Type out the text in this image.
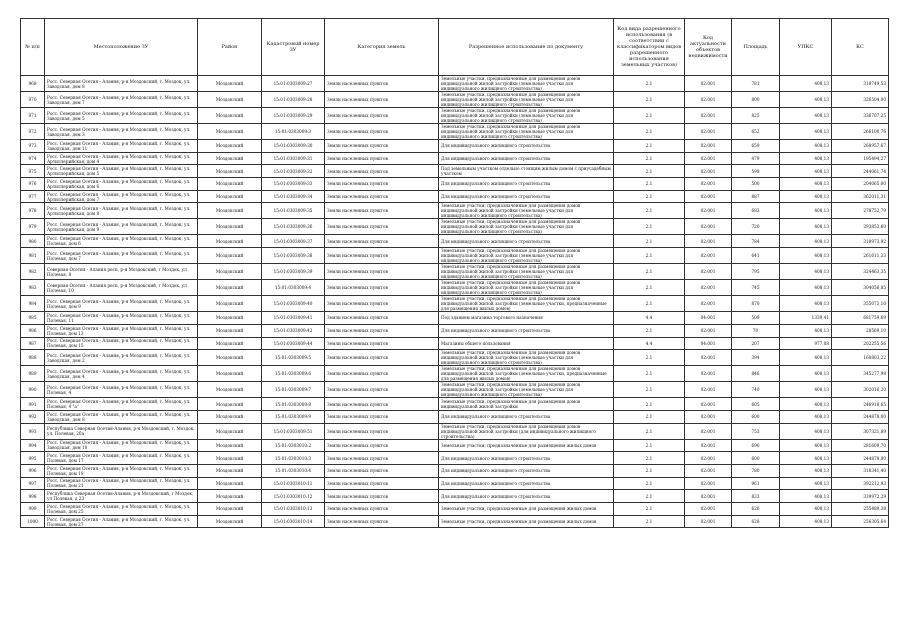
№ п/п	Местоположение ЗУ	Район	Кадастровый номер ЗУ	Категория земель	Разрешенное использование по документу	Код вида разрешенного использования (в соответствии с классификатором видов разрешенного использования земельных участков)	Код актуальности объектов недвижимости	Площадь	УПКС	КС
968	Росс. Северная Осетия - Алания, р-н Моздокский, г. Моздок, ул. Заводская, дом 8	Моздокский	15:01:0303009:27	Земли населенных пунктов	Земельные участки, предназначенные для размещения домов индивидуальной жилой застройки (земельные участки для индивидуального жилищного строительства)	2.1	02:001	781	408,13	318749,53
970	Росс. Северная Осетия - Алания, р-н Моздокский, г. Моздок, ул. Заводская, дом 7	Моздокский	15:01:0303009:28	Земли населенных пунктов	Земельные участки, предназначенные для размещения домов индивидуальной жилой застройки (земельные участки для индивидуального жилищного строительства)	2.1	02:001	800	408,13	326504,00
971	Росс. Северная Осетия - Алания, р-н Моздокский, г. Моздок, ул. Заводская, дом 5	Моздокский	15:01:0303009:29	Земли населенных пунктов	Земельные участки, предназначенные для размещения домов индивидуальной жилой застройки (земельные участки для индивидуального жилищного строительства)	2.1	02:001	825	408,13	336707,25
972	Росс. Северная Осетия - Алания, р-н Моздокский, г. Моздок, ул. Заводская, дом 3	Моздокский	15:01:0303009:3	Земли населенных пунктов	Земельные участки, предназначенные для размещения домов индивидуальной жилой застройки (земельные участки для индивидуального жилищного строительства)	2.1	02:001	652	408,13	266100,76
973	Росс. Северная Осетия - Алания, р-н Моздокский, г. Моздок, ул. Заводская, дом 11	Моздокский	15:01:0303009:30	Земли населенных пунктов	Для индивидуального жилищного строительства	2.1	02:001	659	408,13	268957,67
974	Росс. Северная Осетия - Алания, р-н Моздокский, г. Моздок, ул. Артиллерийская, дом 4	Моздокский	15:01:0303009:31	Земли населенных пунктов	Для индивидуального жилищного строительства	2.1	02:001	479	408,13	195494,27
975	Росс. Северная Осетия - Алания, р-н Моздокский, г. Моздок, ул. Артиллерийская, дом 5	Моздокский	15:01:0303009:32	Земли населенных пунктов	Под земельным участком отдельно стоящим жилым домом с приусадебным участком	2.1	02:001	598	408,13	244061,74
976	Росс. Северная Осетия - Алания, р-н Моздокский, г. Моздок, ул. Артиллерийская, дом 6	Моздокский	15:01:0303009:33	Земли населенных пунктов	Для индивидуального жилищного строительства	2.1	02:001	500	408,13	204065,00
977	Росс. Северная Осетия - Алания, р-н Моздокский, г. Моздок, ул. Артиллерийская, дом 7	Моздокский	15:01:0303009:34	Земли населенных пунктов	Для индивидуального жилищного строительства	2.1	02:001	887	408,13	362011,31
978	Росс. Северная Осетия - Алания, р-н Моздокский, г. Моздок, ул. Артиллерийская, дом 8	Моздокский	15:01:0303009:35	Земли населенных пунктов	Земельные участки, предназначенные для размещения домов индивидуальной жилой застройки (земельные участки для индивидуального жилищного строительства)	2.1	02:001	683	408,13	278752,79
979	Росс. Северная Осетия - Алания, р-н Моздокский, г. Моздок, ул. Артиллерийская, дом 9	Моздокский	15:01:0303009:36	Земли населенных пунктов	Земельные участки, предназначенные для размещения домов индивидуальной жилой застройки (земельные участки для индивидуального жилищного строительства)	2.1	02:001	720	408,13	293853,60
980	Росс. Северная Осетия - Алания, р-н Моздокский, г. Моздок, ул. Полевая, дом 6	Моздокский	15:01:0303009:37	Земли населенных пунктов	Для индивидуального жилищного строительства	2.1	02:001	784	408,13	319973,92
981	Росс. Северная Осетия - Алания, р-н Моздокский, г. Моздок, ул. Полевая, дом 7	Моздокский	15:01:0303009:38	Земли населенных пунктов	Земельные участки, предназначенные для размещения домов индивидуальной жилой застройки (земельные участки для индивидуального жилищного строительства)	2.1	02:001	641	408,13	261611,33
982	Северная Осетия - Алания респ, р-н Моздокский, г Моздок, ул Полевая, 8	Моздокский	15:01:0303009:39	Земли населенных пунктов	Земельные участки, предназначенные для размещения домов индивидуальной жилой застройки (земельные участки для индивидуального жилищного строительства)	2.1	02:001	795	408,13	324463,35
983	Северная Осетия - Алания респ, р-н Моздокский, г Моздок, ул Полевая, 10	Моздокский	15:01:0303009:4	Земли населенных пунктов	Земельные участки, предназначенные для размещения домов индивидуальной жилой застройки (земельные участки для индивидуального жилищного строительства)	2.1	02:001	745	408,13	304056,85
984	Росс. Северная Осетия - Алания, р-н Моздокский, г. Моздок, ул. Полевая, дом 9	Моздокский	15:01:0303009:40	Земли населенных пунктов	Земельные участки, предназначенные для размещения домов индивидуальной жилой застройки (земельные участки, предназначенные для размещения жилых домов)	2.1	02:001	870	408,13	355073,10
985	Росс. Северная Осетия - Алания, р-н Моздокский, г. Моздок, ул. Полевая, 11	Моздокский	15:01:0303009:41	Земли населенных пунктов	Под зданием магазина торгового назначения	4.4	04:001	509	1339,41	681759,69
986	Росс. Северная Осетия - Алания, р-н Моздокский, г. Моздок, ул. Полевая, дом 13	Моздокский	15:01:0303009:42	Земли населенных пунктов	Для индивидуального жилищного строительства	2.1	02:001	70	408,13	28569,10
987	Росс. Северная Осетия - Алания, р-н Моздокский, г. Моздок, ул. Полевая, дом 15	Моздокский	15:01:0303009:44	Земли населенных пунктов	Магазины общего пользования	4.4	04:001	207	977,08	202255,56
988	Росс. Северная Осетия - Алания, р-н Моздокский, г. Моздок, ул. Заводская, дом 2	Моздокский	15:01:0303009:5	Земли населенных пунктов	Земельные участки, предназначенные для размещения домов индивидуальной жилой застройки (земельные участки для индивидуального жилищного строительства)	2.1	02:001	394	408,13	160803,22
989	Росс. Северная Осетия - Алания, р-н Моздокский, г. Моздок, ул. Заводская, дом 4	Моздокский	15:01:0303009:6	Земли населенных пунктов	Земельные участки, предназначенные для размещения домов индивидуальной жилой застройки (земельные участки, предназначенные для размещения жилых домов)	2.1	02:001	846	408,13	345277,98
990	Росс. Северная Осетия - Алания, р-н Моздокский, г. Моздок, ул. Полевая, 4	Моздокский	15:01:0303009:7	Земли населенных пунктов	Земельные участки, предназначенные для размещения домов индивидуальной жилой застройки (земельные участки для индивидуального жилищного строительства)	2.1	02:001	740	408,13	302016,20
991	Росс. Северная Осетия - Алания, р-н Моздокский, г. Моздок, ул. Полевая, 4 "а"	Моздокский	15:01:0303009:8	Земли населенных пунктов	Земельные участки, предназначенные для размещения домов индивидуальной жилой застройки	2.1	02:001	605	408,13	246918,65
992	Росс. Северная Осетия - Алания, р-н Моздокский, г. Моздок, ул. Заводская, дом 8	Моздокский	15:01:0303009:9	Земли населенных пунктов	Для индивидуального жилищного строительства	2.1	02:001	600	408,13	244878,00
993	Республика Северная Осетия-Алания, р-н Моздокский, г. Моздок, ул. Полевая, 20а	Моздокский	15:01:0303009:51	Земли населенных пунктов	Земельные участки, предназначенные для размещения домов индивидуальной жилой застройки (для индивидуального жилищного строительства)	2.1	02:001	753	408,13	307321,89
994	Росс. Северная Осетия - Алания, р-н Моздокский, г. Моздок, ул. Заводская, дом 10	Моздокский	15:01:0303010:2	Земли населенных пунктов	Земельные участки, предназначенные для размещения жилых домов	2.1	02:001	690	408,13	281609,70
995	Росс. Северная Осетия - Алания, р-н Моздокский, г. Моздок, ул. Полевая, дом 17	Моздокский	15:01:0303010:3	Земли населенных пунктов	Для индивидуального жилищного строительства	2.1	02:001	600	408,13	244878,00
996	Росс. Северная Осетия - Алания, р-н Моздокский, г. Моздок, ул. Полевая, дом 19	Моздокский	15:01:0303010:4	Земли населенных пунктов	Для индивидуального жилищного строительства	2.1	02:001	780	408,13	318341,40
997	Росс. Северная Осетия - Алания, р-н Моздокский, г. Моздок, ул. Полевая, дом 21	Моздокский	15:01:0303010:11	Земли населенных пунктов	Для индивидуального жилищного строительства	2.1	02:001	961	408,13	392212,93
998	Республика Северная Осетия-Алания, р-н Моздокский, г Моздок, ул Полевая, д 23	Моздокский	15:01:0303010:12	Земли населенных пунктов	Для индивидуального жилищного строительства	2.1	02:001	833	408,13	339972,29
999	Росс. Северная Осетия - Алания, р-н Моздокский, г. Моздок, ул. Полевая, дом 25	Моздокский	15:01:0303010:13	Земли населенных пунктов	Земельные участки, предназначенные для размещения жилых домов	2.1	02:001	626	408,13	255489,38
1000	Росс. Северная Осетия - Алания, р-н Моздокский, г. Моздок, ул. Полевая, дом 27	Моздокский	15:01:0303010:14	Земли населенных пунктов	Земельные участки, предназначенные для размещения жилых домов	2.1	02:001	628	408,13	256305,64
